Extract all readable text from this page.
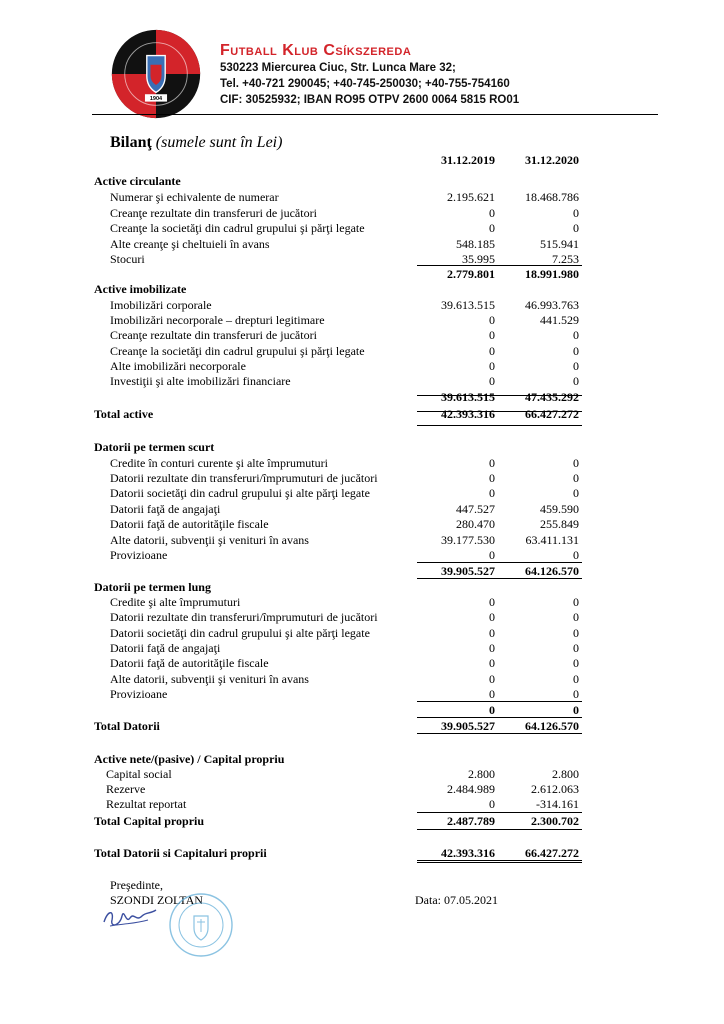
1904
Futball Klub Csíkszereda
530223 Miercurea Ciuc, Str. Lunca Mare 32;
Tel. +40-721 290045; +40-745-250030; +40-755-754160
CIF: 30525932; IBAN RO95 OTPV 2600 0064 5815 RO01
Bilanţ (sumele sunt în Lei)
31.12.2019	31.12.2020
Active circulante
Numerar şi echivalente de numerar	2.195.621	18.468.786
Creanţe rezultate din transferuri de jucători	0	0
Creanţe la societăţi din cadrul grupului şi părţi legate	0	0
Alte creanţe şi cheltuieli în avans	548.185	515.941
Stocuri	35.995	7.253
2.779.801	18.991.980
Active imobilizate
Imobilizări corporale	39.613.515	46.993.763
Imobilizări necorporale – drepturi legitimare	0	441.529
Creanţe rezultate din transferuri de jucători	0	0
Creanţe la societăţi din cadrul grupului şi părţi legate	0	0
Alte imobilizări necorporale	0	0
Investiţii şi alte imobilizări financiare	0	0
39.613.515	47.435.292
Total active	42.393.316	66.427.272
Datorii pe termen scurt
Credite în conturi curente şi alte împrumuturi	0	0
Datorii rezultate din transferuri/împrumuturi de jucători	0	0
Datorii societăţi din cadrul grupului şi alte părţi legate	0	0
Datorii faţă de angajaţi	447.527	459.590
Datorii faţă de autorităţile fiscale	280.470	255.849
Alte datorii, subvenţii şi venituri în avans	39.177.530	63.411.131
Provizioane	0	0
39.905.527	64.126.570
Datorii pe termen lung
Credite şi alte împrumuturi	0	0
Datorii rezultate din transferuri/împrumuturi de jucători	0	0
Datorii societăţi din cadrul grupului şi alte părţi legate	0	0
Datorii faţă de angajaţi	0	0
Datorii faţă de autorităţile fiscale	0	0
Alte datorii, subvenţii şi venituri în avans	0	0
Provizioane	0	0
0	0
Total Datorii	39.905.527	64.126.570
Active nete/(pasive) / Capital propriu
Capital social	2.800	2.800
Rezerve	2.484.989	2.612.063
Rezultat reportat	0	-314.161
Total Capital propriu	2.487.789	2.300.702
Total Datorii si Capitaluri proprii	42.393.316	66.427.272
Preşedinte,
SZONDI ZOLTAN	Data: 07.05.2021
